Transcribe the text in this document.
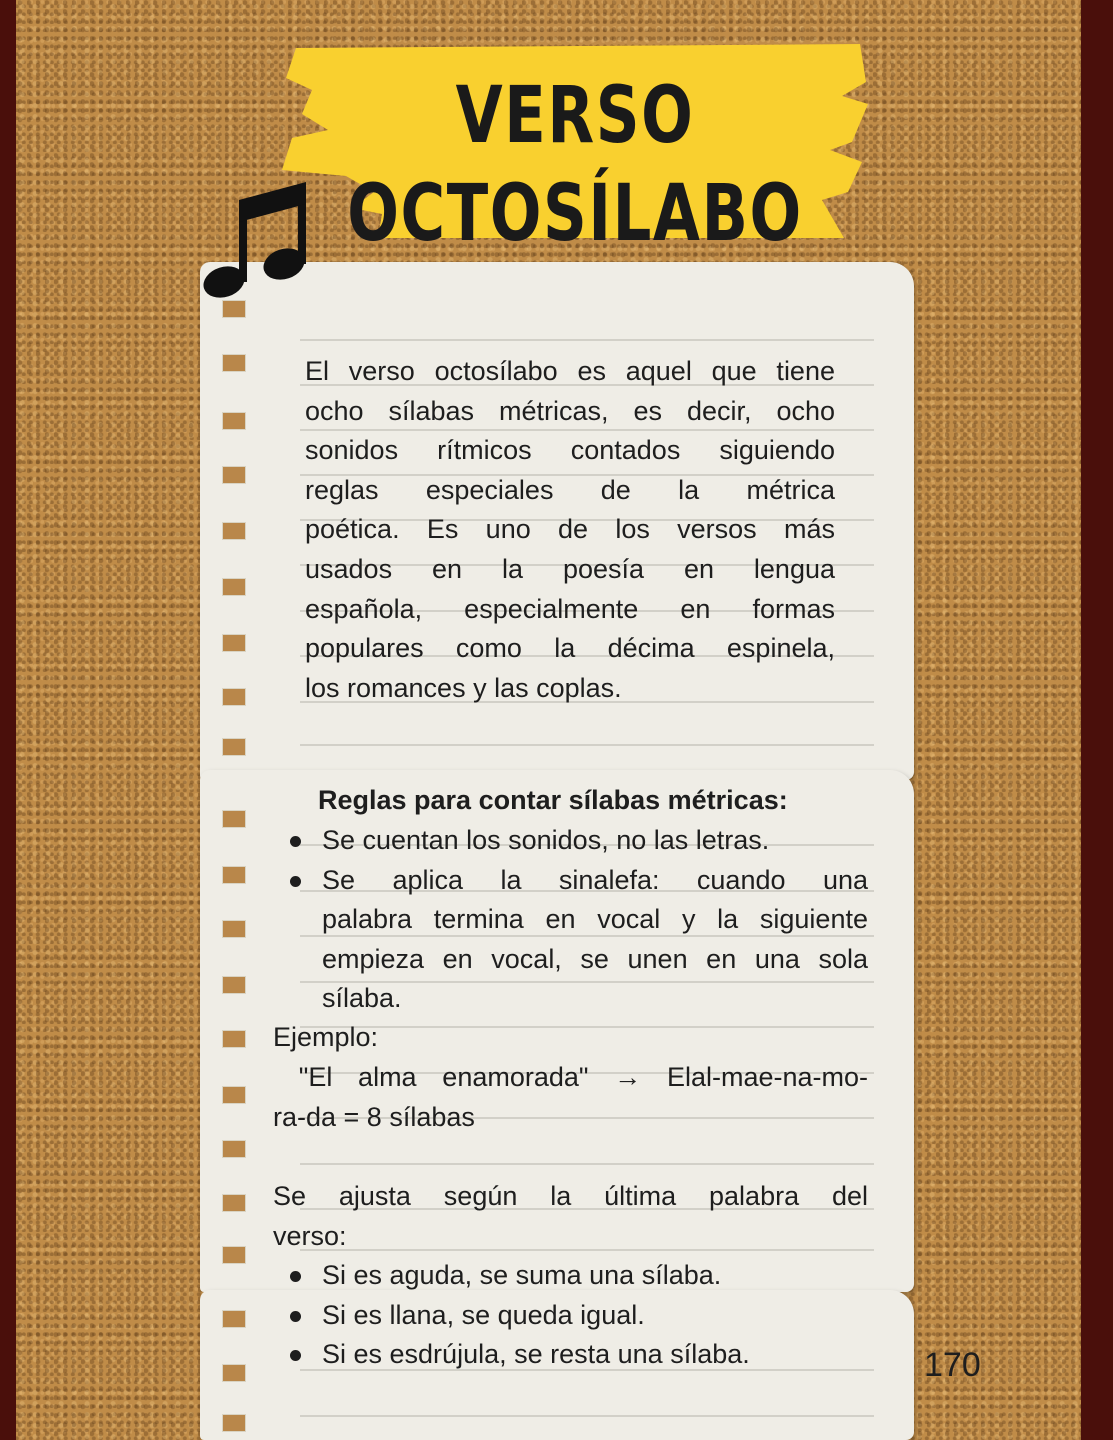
VERSO
OCTOSÍLABO
El verso octosílabo es aquel que tiene
ocho sílabas métricas, es decir, ocho
sonidos rítmicos contados siguiendo
reglas especiales de la métrica
poética. Es uno de los versos más
usados en la poesía en lengua
española, especialmente en formas
populares como la décima espinela,
los romances y las coplas.
Reglas para contar sílabas métricas:
Se cuentan los sonidos, no las letras.
Se aplica la sinalefa: cuando una
palabra termina en vocal y la siguiente
empieza en vocal, se unen en una sola
sílaba.
Ejemplo:
"El alma enamorada" → Elal-mae-na-mo-
ra-da = 8 sílabas
Se ajusta según la última palabra del
verso:
Si es aguda, se suma una sílaba.
Si es llana, se queda igual.
Si es esdrújula, se resta una sílaba.	170
